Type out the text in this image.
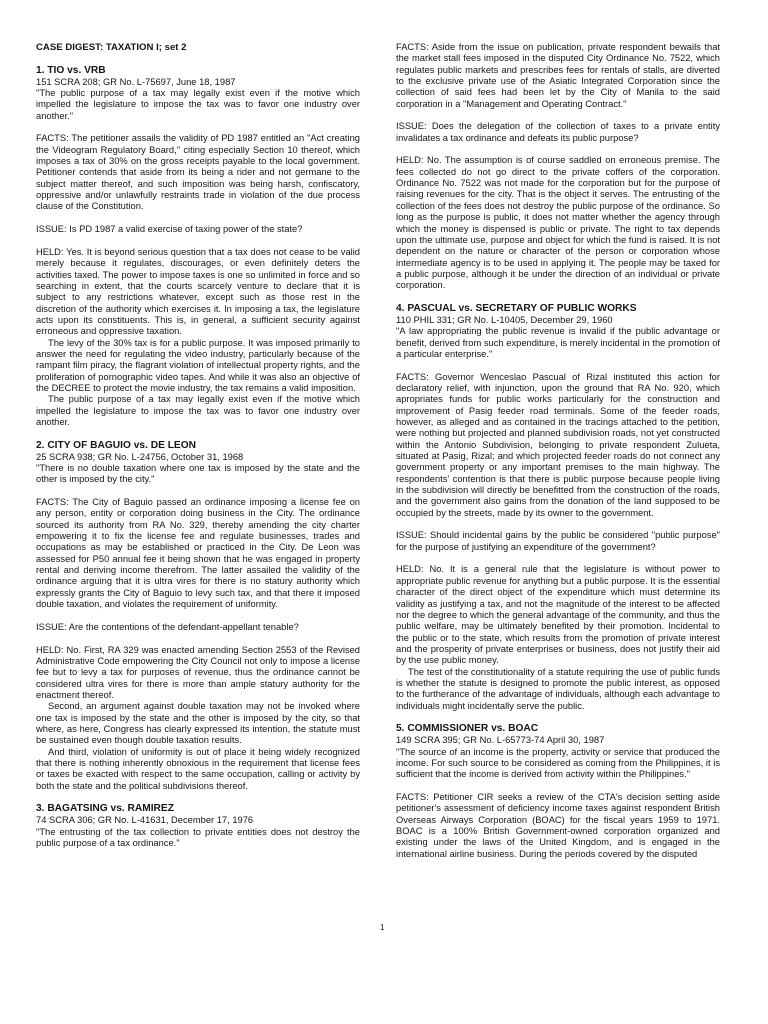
CASE DIGEST: TAXATION I; set 2

1. TIO vs. VRB

151 SCRA 208; GR No. L-75697, June 18, 1987

"The public purpose of a tax may legally exist even if the motive which impelled the legislature to impose the tax was to favor one industry over another."

FACTS: The petitioner assails the validity of PD 1987 entitled an "Act creating the Videogram Regulatory Board," citing especially Section 10 thereof, which imposes a tax of 30% on the gross receipts payable to the local government. Petitioner contends that aside from its being a rider and not germane to the subject matter thereof, and such imposition was being harsh, confiscatory, oppressive and/or unlawfully restraints trade in violation of the due process clause of the Constitution.

ISSUE: Is PD 1987 a valid exercise of taxing power of the state?

HELD: Yes. It is beyond serious question that a tax does not cease to be valid merely because it regulates, discourages, or even definitely deters the activities taxed. The power to impose taxes is one so unlimited in force and so searching in extent, that the courts scarcely venture to declare that it is subject to any restrictions whatever, except such as those rest in the discretion of the authority which exercises it. In imposing a tax, the legislature acts upon its constituents. This is, in general, a sufficient security against erroneous and oppressive taxation.

The levy of the 30% tax is for a public purpose. It was imposed primarily to answer the need for regulating the video industry, particularly because of the rampant film piracy, the flagrant violation of intellectual property rights, and the proliferation of pornographic video tapes. And while it was also an objective of the DECREE to protect the movie industry, the tax remains a valid imposition.

The public purpose of a tax may legally exist even if the motive which impelled the legislature to impose the tax was to favor one industry over another.

2. CITY OF BAGUIO vs. DE LEON

25 SCRA 938; GR No. L-24756, October 31, 1968

"There is no double taxation where one tax is imposed by the state and the other is imposed by the city."

FACTS: The City of Baguio passed an ordinance imposing a license fee on any person, entity or corporation doing business in the City. The ordinance sourced its authority from RA No. 329, thereby amending the city charter empowering it to fix the license fee and regulate businesses, trades and occupations as may be established or practiced in the City. De Leon was assessed for P50 annual fee it being shown that he was engaged in property rental and deriving income therefrom. The latter assailed the validity of the ordinance arguing that it is ultra vires for there is no statury authority which expressly grants the City of Baguio to levy such tax, and that there it imposed double taxation, and violates the requirement of uniformity.

ISSUE: Are the contentions of the defendant-appellant tenable?

HELD: No. First, RA 329 was enacted amending Section 2553 of the Revised Administrative Code empowering the City Council not only to impose a license fee but to levy a tax for purposes of revenue, thus the ordinance cannot be considered ultra vires for there is more than ample statury authority for the enactment thereof.

Second, an argument against double taxation may not be invoked where one tax is imposed by the state and the other is imposed by the city, so that where, as here, Congress has clearly expressed its intention, the statute must be sustained even though double taxation results.

And third, violation of uniformity is out of place it being widely recognized that there is nothing inherently obnoxious in the requirement that license fees or taxes be exacted with respect to the same occupation, calling or activity by both the state and the political subdivisions thereof.

3. BAGATSING vs. RAMIREZ

74 SCRA 306; GR No. L-41631, December 17, 1976

"The entrusting of the tax collection to private entities does not destroy the public purpose of a tax ordinance."

FACTS: Aside from the issue on publication, private respondent bewails that the market stall fees imposed in the disputed City Ordinance No. 7522, which regulates public markets and prescribes fees for rentals of stalls, are diverted to the exclusive private use of the Asiatic Integrated Corporation since the collection of said fees had been let by the City of Manila to the said corporation in a "Management and Operating Contract."

ISSUE: Does the delegation of the collection of taxes to a private entity invalidates a tax ordinance and defeats its public purpose?

HELD: No. The assumption is of course saddled on erroneous premise. The fees collected do not go direct to the private coffers of the corporation. Ordinance No. 7522 was not made for the corporation but for the purpose of raising revenues for the city. That is the object it serves. The entrusting of the collection of the fees does not destroy the public purpose of the ordinance. So long as the purpose is public, it does not matter whether the agency through which the money is dispensed is public or private. The right to tax depends upon the ultimate use, purpose and object for which the fund is raised. It is not dependent on the nature or character of the person or corporation whose intermediate agency is to be used in applying it. The people may be taxed for a public purpose, although it be under the direction of an individual or private corporation.

4. PASCUAL vs. SECRETARY OF PUBLIC WORKS

110 PHIL 331; GR No. L-10405, December 29, 1960

"A law appropriating the public revenue is invalid if the public advantage or benefit, derived from such expenditure, is merely incidental in the promotion of a particular enterprise."

FACTS: Governor Wenceslao Pascual of Rizal instituted this action for declaratory relief, with injunction, upon the ground that RA No. 920, which apropriates funds for public works particularly for the construction and improvement of Pasig feeder road terminals. Some of the feeder roads, however, as alleged and as contained in the tracings attached to the petition, were nothing but projected and planned subdivision roads, not yet constructed within the Antonio Subdivision, belonging to private respondent Zulueta, situated at Pasig, Rizal; and which projected feeder roads do not connect any government property or any important premises to the main highway. The respondents' contention is that there is public purpose because people living in the subdivision will directly be benefitted from the construction of the roads, and the government also gains from the donation of the land supposed to be occupied by the streets, made by its owner to the government.

ISSUE: Should incidental gains by the public be considered "public purpose" for the purpose of justifying an expenditure of the government?

HELD: No. It is a general rule that the legislature is without power to appropriate public revenue for anything but a public purpose. It is the essential character of the direct object of the expenditure which must determine its validity as justifying a tax, and not the magnitude of the interest to be affected nor the degree to which the general advantage of the community, and thus the public welfare, may be ultimately benefited by their promotion. Incidental to the public or to the state, which results from the promotion of private interest and the prosperity of private enterprises or business, does not justify their aid by the use public money.

The test of the constitutionality of a statute requiring the use of public funds is whether the statute is designed to promote the public interest, as opposed to the furtherance of the advantage of individuals, although each advantage to individuals might incidentally serve the public.

5. COMMISSIONER vs. BOAC

149 SCRA 395; GR No. L-65773-74 April 30, 1987

"The source of an income is the property, activity or service that produced the income. For such source to be considered as coming from the Philippines, it is sufficient that the income is derived from activity within the Philippines."

FACTS: Petitioner CIR seeks a review of the CTA's decision setting aside petitioner's assessment of deficiency income taxes against respondent British Overseas Airways Corporation (BOAC) for the fiscal years 1959 to 1971. BOAC is a 100% British Government-owned corporation organized and existing under the laws of the United Kingdom, and is engaged in the international airline business. During the periods covered by the disputed

1
